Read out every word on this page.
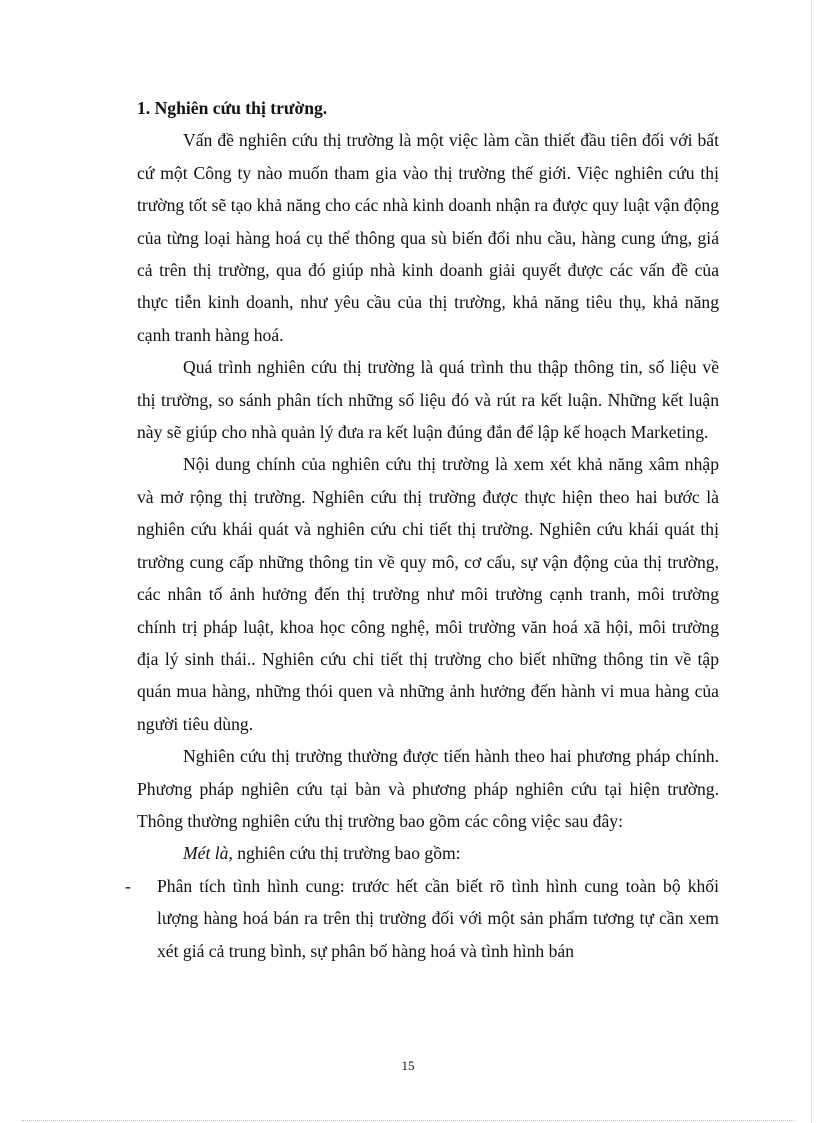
1. Nghiên cứu thị trường.

Vấn đề nghiên cứu thị trường là một việc làm cần thiết đầu tiên đối với bất cứ một Công ty nào muốn tham gia vào thị trường thế giới. Việc nghiên cứu thị trường tốt sẽ tạo khả năng cho các nhà kinh doanh nhận ra được quy luật vận động của từng loại hàng hoá cụ thể thông qua sù biến đổi nhu cầu, hàng cung ứng, giá cả trên thị trường, qua đó giúp nhà kinh doanh giải quyết được các vấn đề của thực tiễn kinh doanh, như yêu cầu của thị trường, khả năng tiêu thụ, khả năng cạnh tranh hàng hoá.

Quá trình nghiên cứu thị trường là quá trình thu thập thông tin, số liệu về thị trường, so sánh phân tích những số liệu đó và rút ra kết luận. Những kết luận này sẽ giúp cho nhà quản lý đưa ra kết luận đúng đắn để lập kế hoạch Marketing.

Nội dung chính của nghiên cứu thị trường là xem xét khả năng xâm nhập và mở rộng thị trường. Nghiên cứu thị trường được thực hiện theo hai bước là nghiên cứu khái quát và nghiên cứu chi tiết thị trường. Nghiên cứu khái quát thị trường cung cấp những thông tin về quy mô, cơ cấu, sự vận động của thị trường, các nhân tố ảnh hưởng đến thị trường như môi trường cạnh tranh, môi trường chính trị pháp luật, khoa học công nghệ, môi trường văn hoá xã hội, môi trường địa lý sinh thái.. Nghiên cứu chi tiết thị trường cho biết những thông tin về tập quán mua hàng, những thói quen và những ảnh hưởng đến hành vi mua hàng của người tiêu dùng.

Nghiên cứu thị trường thường được tiến hành theo hai phương pháp chính. Phương pháp nghiên cứu tại bàn và phương pháp nghiên cứu tại hiện trường. Thông thường nghiên cứu thị trường bao gồm các công việc sau đây:

Mét là, nghiên cứu thị trường bao gồm:

- Phân tích tình hình cung: trước hết cần biết rõ tình hình cung toàn bộ khối lượng hàng hoá bán ra trên thị trường đối với một sản phẩm tương tự cần xem xét giá cả trung bình, sự phân bố hàng hoá và tình hình bán

15
